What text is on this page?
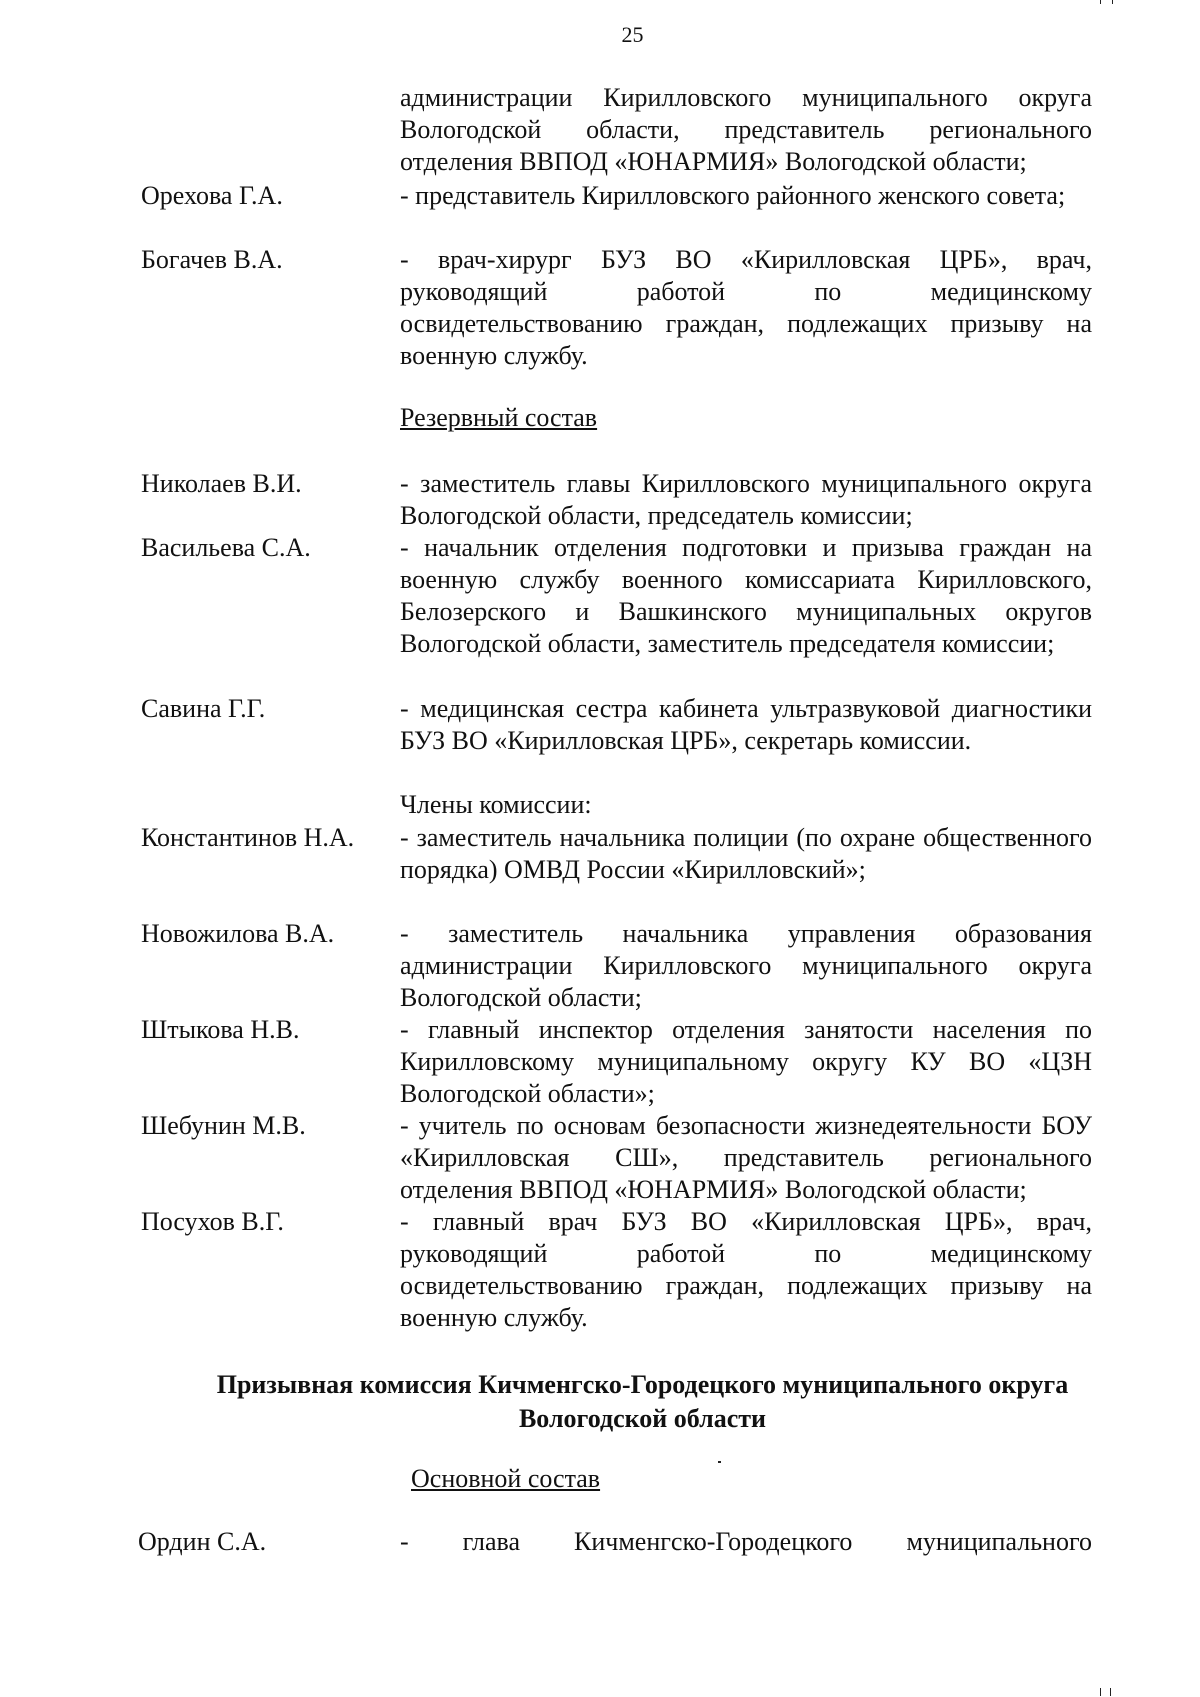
25
администрации Кирилловского муниципального округа Вологодской области, представитель регионального отделения ВВПОД «ЮНАРМИЯ» Вологодской области;
Орехова Г.А.	- представитель Кирилловского районного женского совета;
Богачев В.А.	- врач-хирург БУЗ ВО «Кирилловская ЦРБ», врач, руководящий работой по медицинскому освидетельствованию граждан, подлежащих призыву на военную службу.
Резервный состав
Николаев В.И.	- заместитель главы Кирилловского муниципального округа Вологодской области, председатель комиссии;
Васильева С.А.	- начальник отделения подготовки и призыва граждан на военную службу военного комиссариата Кирилловского, Белозерского и Вашкинского муниципальных округов Вологодской области, заместитель председателя комиссии;
Савина Г.Г.	- медицинская сестра кабинета ультразвуковой диагностики БУЗ ВО «Кирилловская ЦРБ», секретарь комиссии.
Члены комиссии:
Константинов Н.А. - заместитель начальника полиции (по охране общественного порядка) ОМВД России «Кирилловский»;
Новожилова В.А.	- заместитель начальника управления образования администрации Кирилловского муниципального округа Вологодской области;
Штыкова Н.В.	- главный инспектор отделения занятости населения по Кирилловскому муниципальному округу КУ ВО «ЦЗН Вологодской области»;
Шебунин М.В.	- учитель по основам безопасности жизнедеятельности БОУ «Кирилловская СШ», представитель регионального отделения ВВПОД «ЮНАРМИЯ» Вологодской области;
Посухов В.Г.	- главный врач БУЗ ВО «Кирилловская ЦРБ», врач, руководящий работой по медицинскому освидетельствованию граждан, подлежащих призыву на военную службу.
Призывная комиссия Кичменгско-Городецкого муниципального округа
Вологодской области
Основной состав
Ордин С.А.	- глава Кичменгско-Городецкого муниципального
